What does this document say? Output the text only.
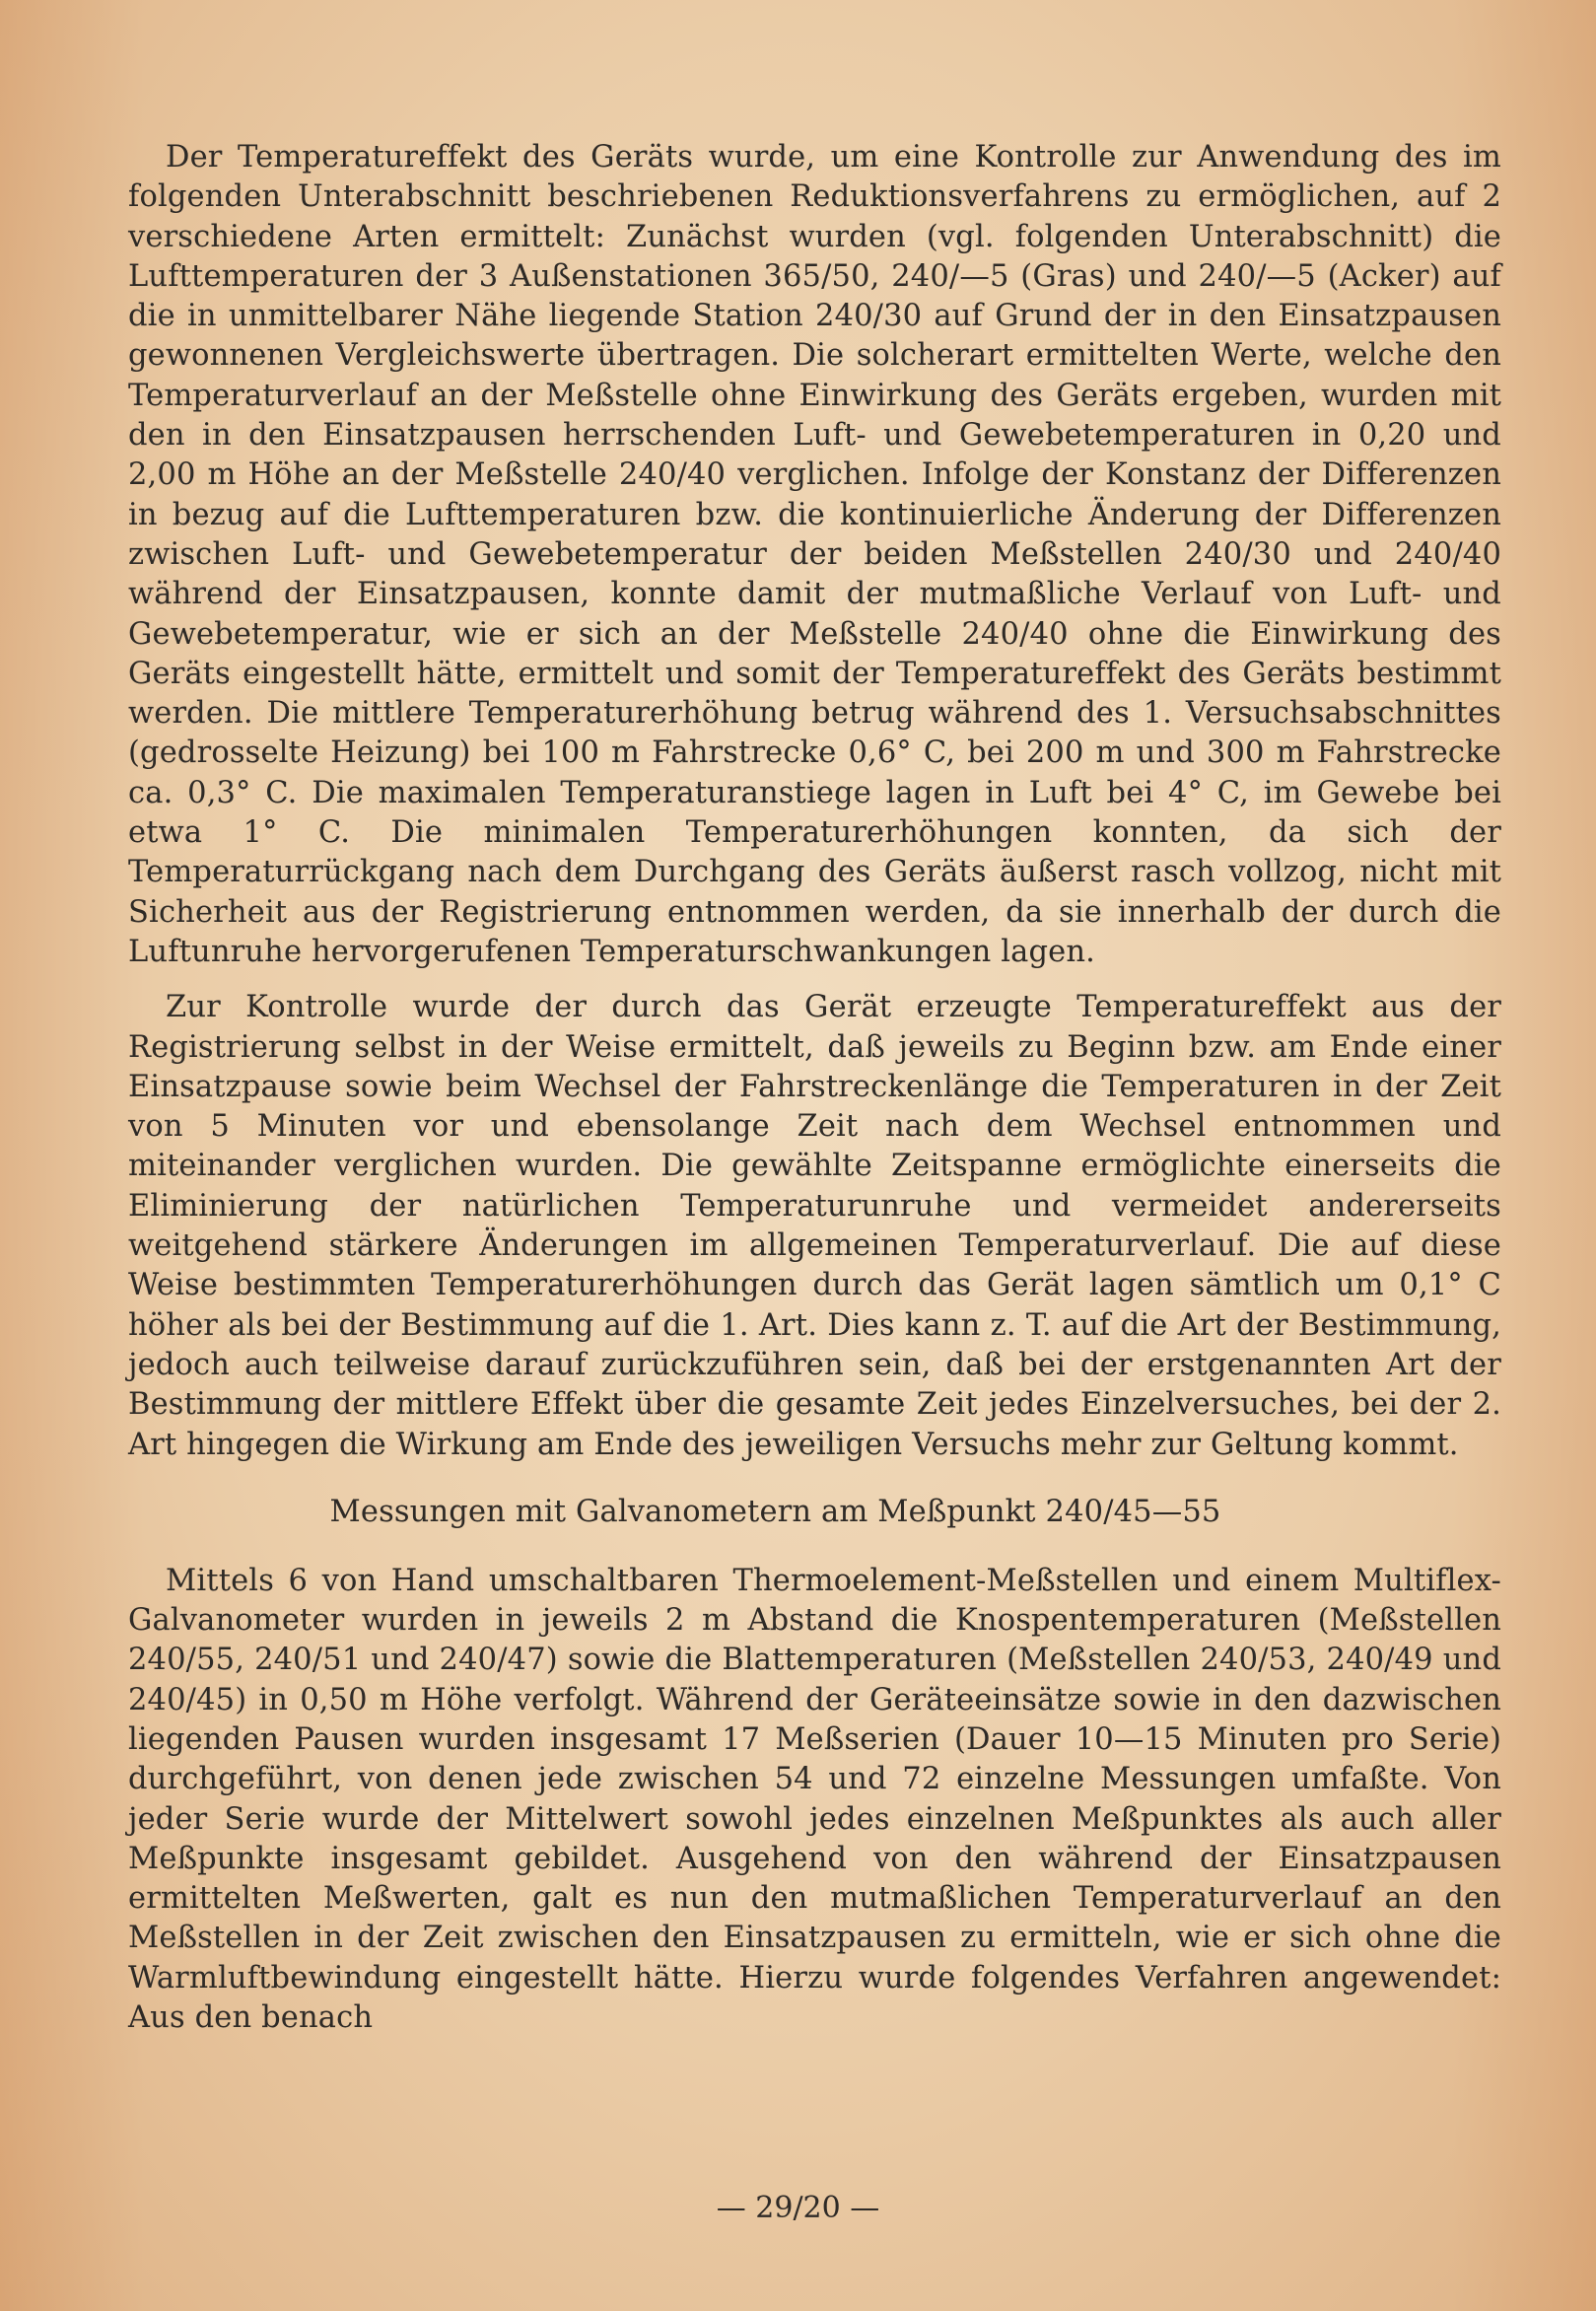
Der Temperatureffekt des Geräts wurde, um eine Kontrolle zur Anwendung des im folgenden Unterabschnitt beschriebenen Reduktionsverfahrens zu ermöglichen, auf 2 verschiedene Arten ermittelt: Zunächst wurden (vgl. folgenden Unterabschnitt) die Lufttemperaturen der 3 Außenstationen 365/50, 240/—5 (Gras) und 240/—5 (Acker) auf die in unmittelbarer Nähe liegende Station 240/30 auf Grund der in den Einsatzpausen gewonnenen Vergleichswerte übertragen. Die solcherart ermittelten Werte, welche den Temperaturverlauf an der Meßstelle ohne Einwirkung des Geräts ergeben, wurden mit den in den Einsatzpausen herrschenden Luft- und Gewebetemperaturen in 0,20 und 2,00 m Höhe an der Meßstelle 240/40 verglichen. Infolge der Konstanz der Differenzen in bezug auf die Lufttemperaturen bzw. die kontinuierliche Änderung der Differenzen zwischen Luft- und Gewebetemperatur der beiden Meßstellen 240/30 und 240/40 während der Einsatzpausen, konnte damit der mutmaßliche Verlauf von Luft- und Gewebetemperatur, wie er sich an der Meßstelle 240/40 ohne die Einwirkung des Geräts eingestellt hätte, ermittelt und somit der Temperatureffekt des Geräts bestimmt werden. Die mittlere Temperaturerhöhung betrug während des 1. Versuchsabschnittes (gedrosselte Heizung) bei 100 m Fahrstrecke 0,6° C, bei 200 m und 300 m Fahrstrecke ca. 0,3° C. Die maximalen Temperaturanstiege lagen in Luft bei 4° C, im Gewebe bei etwa 1° C. Die minimalen Temperaturerhöhungen konnten, da sich der Temperaturrückgang nach dem Durchgang des Geräts äußerst rasch vollzog, nicht mit Sicherheit aus der Registrierung entnommen werden, da sie innerhalb der durch die Luftunruhe hervorgerufenen Temperaturschwankungen lagen.

Zur Kontrolle wurde der durch das Gerät erzeugte Temperatureffekt aus der Registrierung selbst in der Weise ermittelt, daß jeweils zu Beginn bzw. am Ende einer Einsatzpause sowie beim Wechsel der Fahrstreckenlänge die Temperaturen in der Zeit von 5 Minuten vor und ebensolange Zeit nach dem Wechsel entnommen und miteinander verglichen wurden. Die gewählte Zeitspanne ermöglichte einerseits die Eliminierung der natürlichen Temperaturunruhe und vermeidet andererseits weitgehend stärkere Änderungen im allgemeinen Temperaturverlauf. Die auf diese Weise bestimmten Temperaturerhöhungen durch das Gerät lagen sämtlich um 0,1° C höher als bei der Bestimmung auf die 1. Art. Dies kann z. T. auf die Art der Bestimmung, jedoch auch teilweise darauf zurückzuführen sein, daß bei der erstgenannten Art der Bestimmung der mittlere Effekt über die gesamte Zeit jedes Einzelversuches, bei der 2. Art hingegen die Wirkung am Ende des jeweiligen Versuchs mehr zur Geltung kommt.

Messungen mit Galvanometern am Meßpunkt 240/45—55

Mittels 6 von Hand umschaltbaren Thermoelement-Meßstellen und einem Multiflex-Galvanometer wurden in jeweils 2 m Abstand die Knospentemperaturen (Meßstellen 240/55, 240/51 und 240/47) sowie die Blattemperaturen (Meßstellen 240/53, 240/49 und 240/45) in 0,50 m Höhe verfolgt. Während der Geräteeinsätze sowie in den dazwischen liegenden Pausen wurden insgesamt 17 Meßserien (Dauer 10—15 Minuten pro Serie) durchgeführt, von denen jede zwischen 54 und 72 einzelne Messungen umfaßte. Von jeder Serie wurde der Mittelwert sowohl jedes einzelnen Meßpunktes als auch aller Meßpunkte insgesamt gebildet. Ausgehend von den während der Einsatzpausen ermittelten Meßwerten, galt es nun den mutmaßlichen Temperaturverlauf an den Meßstellen in der Zeit zwischen den Einsatzpausen zu ermitteln, wie er sich ohne die Warmluftbewindung eingestellt hätte. Hierzu wurde folgendes Verfahren angewendet: Aus den benach

— 29/20 —
